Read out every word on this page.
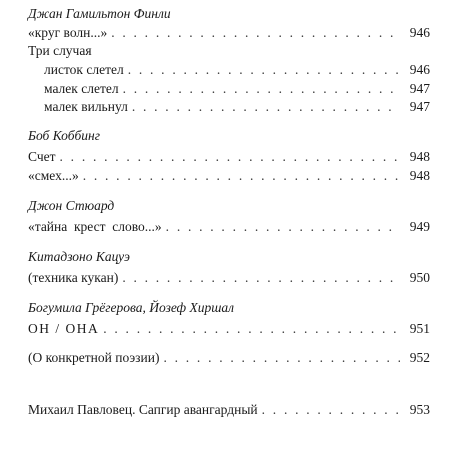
Джан Гамильтон Финли
«круг волн...» . . .	946
Три случая
листок слетел . . .	946
малек слетел . . .	947
малек вильнул . . .	947
Боб Коббинг
Счет . . .	948
«смех...» . . .	948
Джон Стюард
«тайна  крест  слово...» . . .	949
Китадзоно Кацуэ
(техника кукан) . . .	950
Богумила Грёгерова, Йозеф Хиршал
ОН / ОНА . . .	951
(О конкретной поэзии) . . .	952
Михаил Павловец. Сапгир авангардный . . .	953
